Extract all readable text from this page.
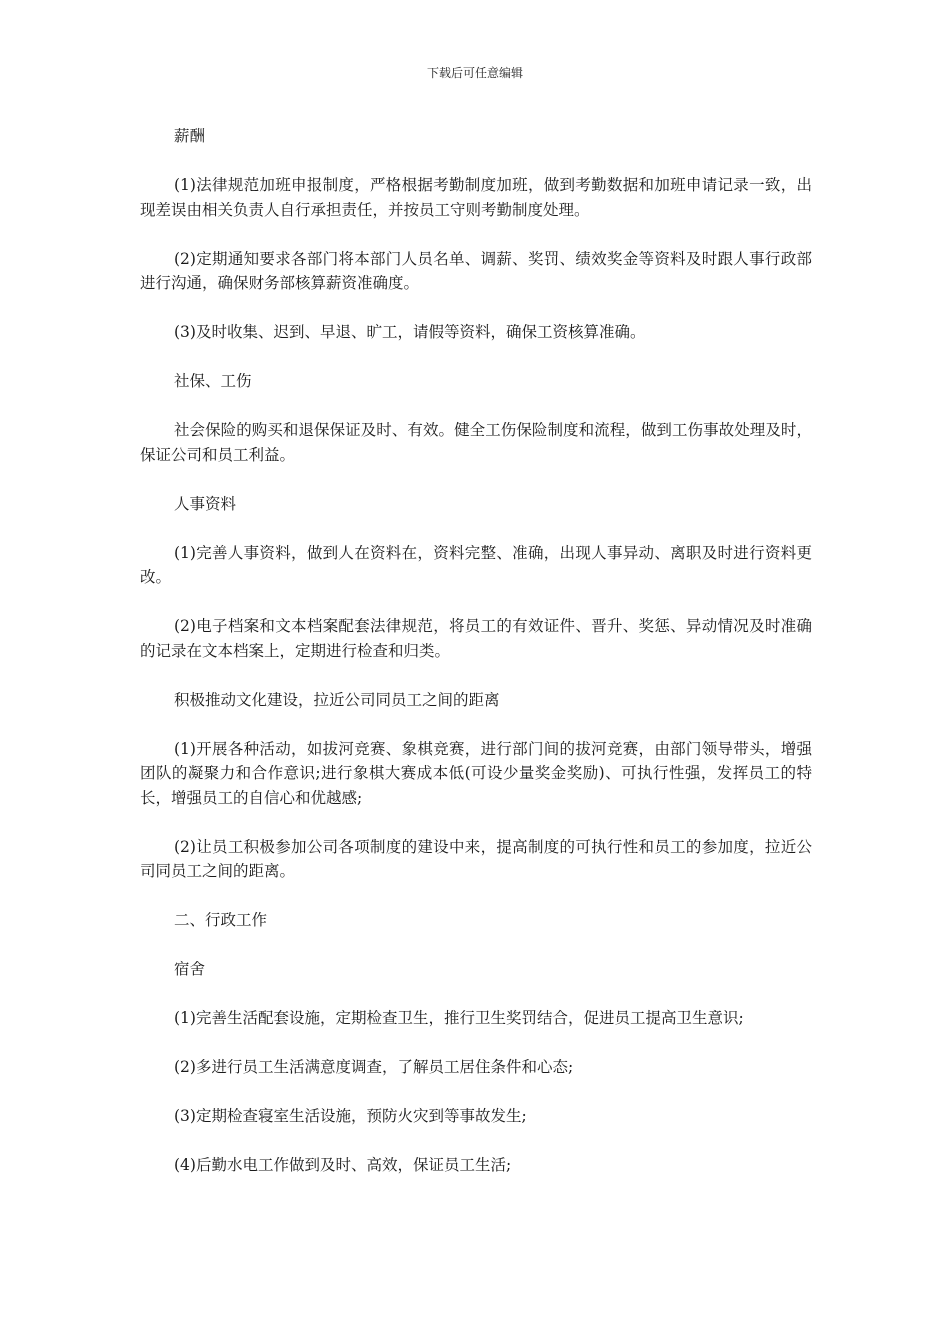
下载后可任意编辑

薪酬

(1)法律规范加班申报制度，严格根据考勤制度加班，做到考勤数据和加班申请记录一致，出现差误由相关负责人自行承担责任，并按员工守则考勤制度处理。

(2)定期通知要求各部门将本部门人员名单、调薪、奖罚、绩效奖金等资料及时跟人事行政部进行沟通，确保财务部核算薪资准确度。

(3)及时收集、迟到、早退、旷工，请假等资料，确保工资核算准确。

社保、工伤

社会保险的购买和退保保证及时、有效。健全工伤保险制度和流程，做到工伤事故处理及时，保证公司和员工利益。

人事资料

(1)完善人事资料，做到人在资料在，资料完整、准确，出现人事异动、离职及时进行资料更改。

(2)电子档案和文本档案配套法律规范，将员工的有效证件、晋升、奖惩、异动情况及时准确的记录在文本档案上，定期进行检查和归类。

积极推动文化建设，拉近公司同员工之间的距离

(1)开展各种活动，如拔河竞赛、象棋竞赛，进行部门间的拔河竞赛，由部门领导带头，增强团队的凝聚力和合作意识;进行象棋大赛成本低(可设少量奖金奖励)、可执行性强，发挥员工的特长，增强员工的自信心和优越感;

(2)让员工积极参加公司各项制度的建设中来，提高制度的可执行性和员工的参加度，拉近公司同员工之间的距离。

二、行政工作

宿舍

(1)完善生活配套设施，定期检查卫生，推行卫生奖罚结合，促进员工提高卫生意识;

(2)多进行员工生活满意度调查，了解员工居住条件和心态;

(3)定期检查寝室生活设施，预防火灾到等事故发生;

(4)后勤水电工作做到及时、高效，保证员工生活;
